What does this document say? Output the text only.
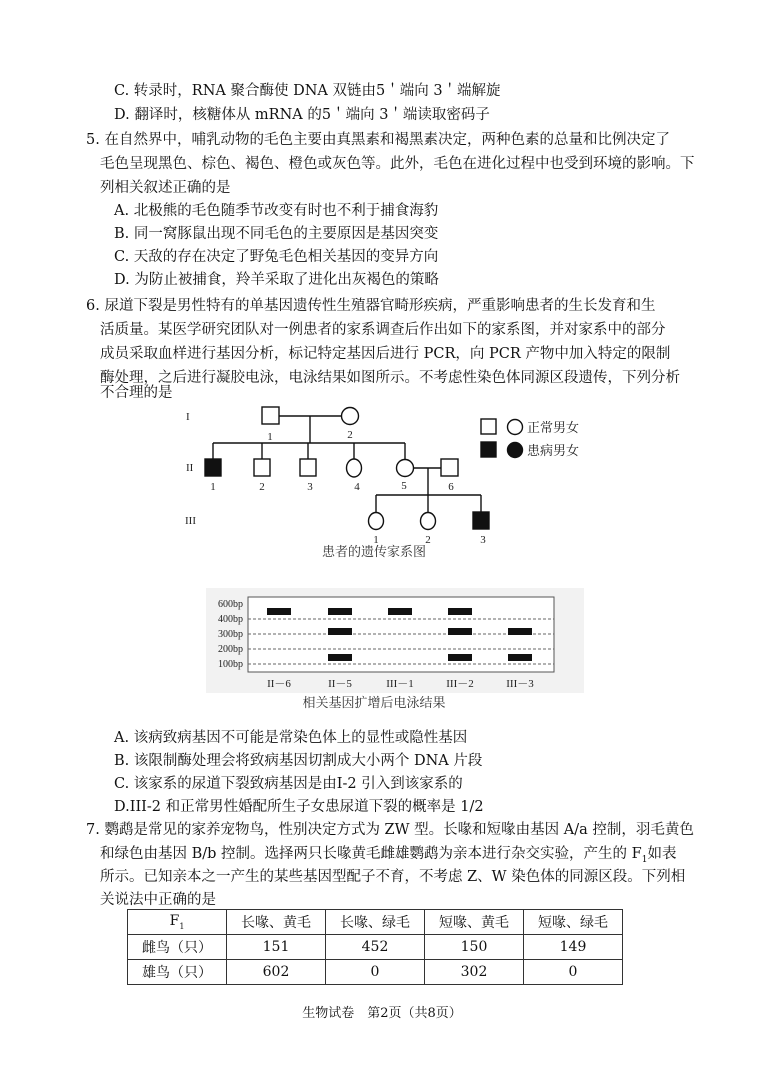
C. 转录时，RNA 聚合酶使 DNA 双链由5＇端向 3＇端解旋
D. 翻译时，核糖体从 mRNA 的5＇端向 3＇端读取密码子
5. 在自然界中，哺乳动物的毛色主要由真黑素和褐黑素决定，两种色素的总量和比例决定了
毛色呈现黑色、棕色、褐色、橙色或灰色等。此外，毛色在进化过程中也受到环境的影响。下
列相关叙述正确的是
A. 北极熊的毛色随季节改变有时也不利于捕食海豹
B. 同一窝豚鼠出现不同毛色的主要原因是基因突变
C. 天敌的存在决定了野兔毛色相关基因的变异方向
D. 为防止被捕食，羚羊采取了进化出灰褐色的策略
6. 尿道下裂是男性特有的单基因遗传性生殖器官畸形疾病，严重影响患者的生长发育和生
活质量。某医学研究团队对一例患者的家系调查后作出如下的家系图，并对家系中的部分
成员采取血样进行基因分析，标记特定基因后进行 PCR，向 PCR 产物中加入特定的限制
酶处理，之后进行凝胶电泳，电泳结果如图所示。不考虑性染色体同源区段遗传，下列分析
不合理的是
I
II
III
1	2
1	2	3	4	5	6
1	2	3
正常男女
患病男女
患者的遗传家系图
600bp
400bp
300bp
200bp
100bp
II－6	II－5	III－1	III－2	III－3
相关基因扩增后电泳结果
A. 该病致病基因不可能是常染色体上的显性或隐性基因
B. 该限制酶处理会将致病基因切割成大小两个 DNA 片段
C. 该家系的尿道下裂致病基因是由I-2 引入到该家系的
D.III-2 和正常男性婚配所生子女患尿道下裂的概率是 1/2
7. 鹦鹉是常见的家养宠物鸟，性别决定方式为 ZW 型。长喙和短喙由基因 A/a 控制，羽毛黄色
和绿色由基因 B/b 控制。选择两只长喙黄毛雌雄鹦鹉为亲本进行杂交实验，产生的 $F_1$如表
所示。已知亲本之一产生的某些基因型配子不育，不考虑 Z、W 染色体的同源区段。下列相
关说法中正确的是
$F_1$	长喙、黄毛	长喙、绿毛	短喙、黄毛	短喙、绿毛
雌鸟（只）	151	452	150	149
雄鸟（只）	602	0	302	0
生物试卷　第2页（共8页）
